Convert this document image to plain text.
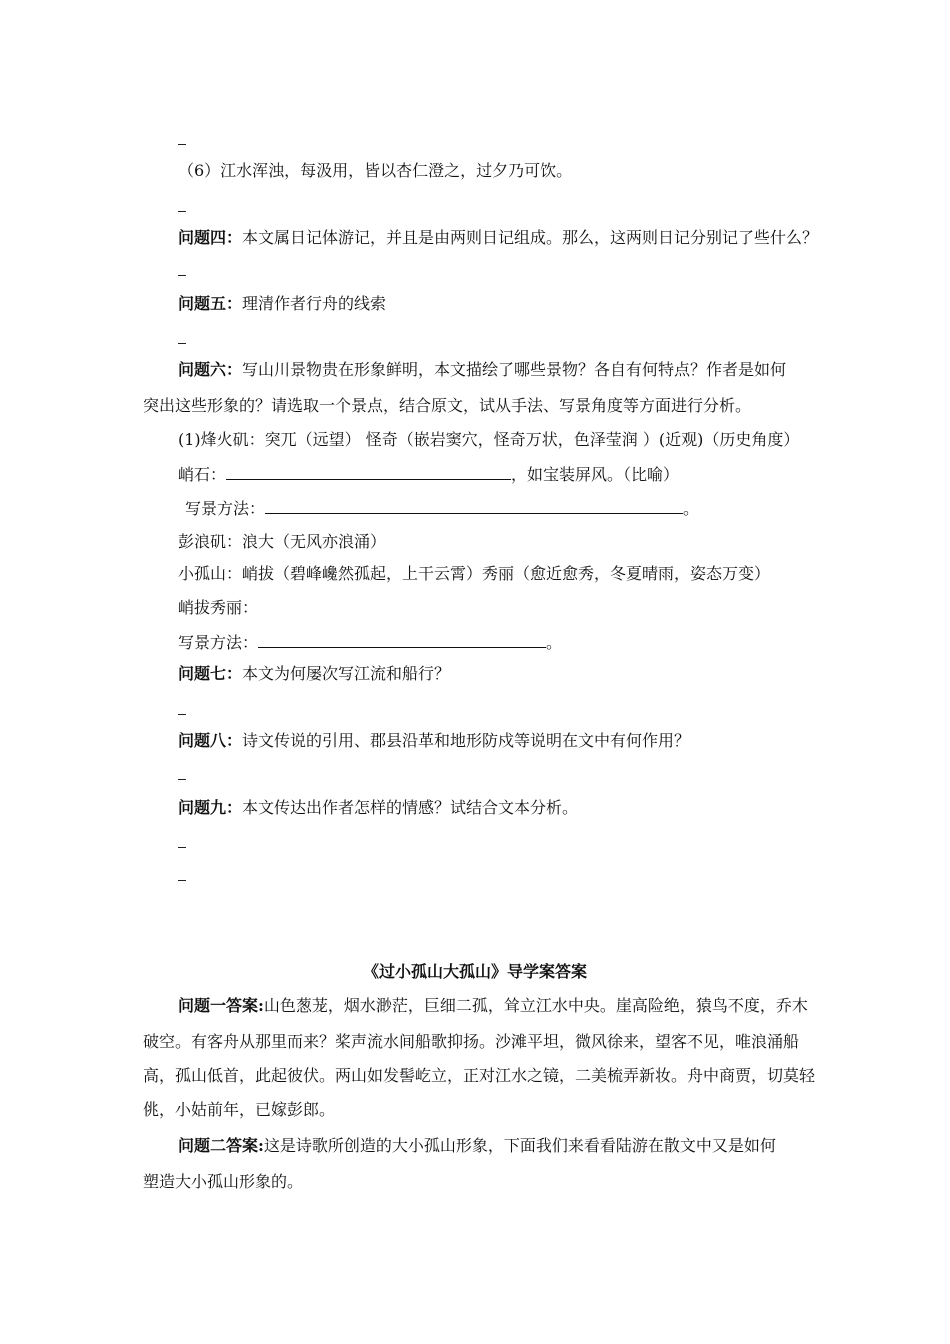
（6）江水浑浊，每汲用，皆以杏仁澄之，过夕乃可饮。
问题四：本文属日记体游记，并且是由两则日记组成。那么，这两则日记分别记了些什么？
问题五：理清作者行舟的线索
问题六：写山川景物贵在形象鲜明，本文描绘了哪些景物？各自有何特点？作者是如何
突出这些形象的？请选取一个景点，结合原文，试从手法、写景角度等方面进行分析。
(1)烽火矶：突兀（远望） 怪奇（嵌岩窦穴，怪奇万状，色泽莹润 ）(近观)（历史角度）
峭石：	，如宝装屏风。（比喻）
写景方法：	。
彭浪矶：浪大（无风亦浪涌）
小孤山：峭拔（碧峰巉然孤起，上干云霄）秀丽（愈近愈秀，冬夏晴雨，姿态万变）
峭拔秀丽：
写景方法：	。
问题七：本文为何屡次写江流和船行？
问题八：诗文传说的引用、郡县沿革和地形防戍等说明在文中有何作用？
问题九：本文传达出作者怎样的情感？试结合文本分析。
《过小孤山大孤山》导学案答案
问题一答案:山色葱茏，烟水渺茫，巨细二孤，耸立江水中央。崖高险绝，猿鸟不度，乔木
破空。有客舟从那里而来？桨声流水间船歌抑扬。沙滩平坦，微风徐来，望客不见，唯浪涌船
高，孤山低首，此起彼伏。两山如发髻屹立，正对江水之镜，二美梳弄新妆。舟中商贾，切莫轻
佻，小姑前年，已嫁彭郎。
问题二答案:这是诗歌所创造的大小孤山形象，下面我们来看看陆游在散文中又是如何
塑造大小孤山形象的。
